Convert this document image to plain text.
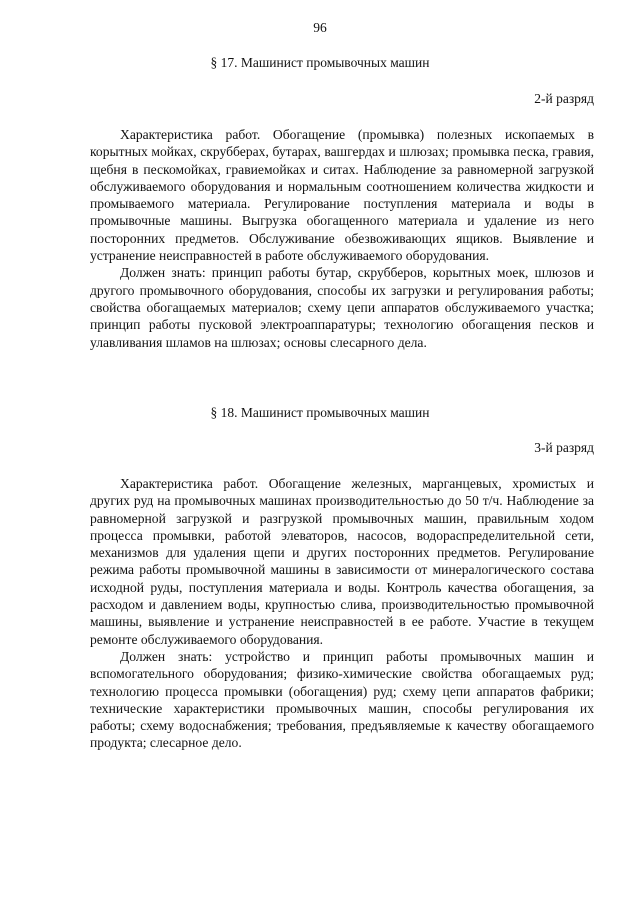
96
§ 17. Машинист промывочных машин
2-й разряд

Характеристика работ. Обогащение (промывка) полезных ископаемых в корытных мойках, скрубберах, бутарах, вашгердах и шлюзах; промывка песка, гравия, щебня в пескомойках, гравиемойках и ситах. Наблюдение за равномерной загрузкой обслуживаемого оборудования и нормальным соотношением количества жидкости и промываемого материала. Регулирование поступления материала и воды в промывочные машины. Выгрузка обогащенного материала и удаление из него посторонних предметов. Обслуживание обезвоживающих ящиков. Выявление и устранение неисправностей в работе обслуживаемого оборудования.

Должен знать: принцип работы бутар, скрубберов, корытных моек, шлюзов и другого промывочного оборудования, способы их загрузки и регулирования работы; свойства обогащаемых материалов; схему цепи аппаратов обслуживаемого участка; принцип работы пусковой электроаппаратуры; технологию обогащения песков и улавливания шламов на шлюзах; основы слесарного дела.

§ 18. Машинист промывочных машин
3-й разряд

Характеристика работ. Обогащение железных, марганцевых, хромистых и других руд на промывочных машинах производительностью до 50 т/ч. Наблюдение за равномерной загрузкой и разгрузкой промывочных машин, правильным ходом процесса промывки, работой элеваторов, насосов, водораспределительной сети, механизмов для удаления щепи и других посторонних предметов. Регулирование режима работы промывочной машины в зависимости от минералогического состава исходной руды, поступления материала и воды. Контроль качества обогащения, за расходом и давлением воды, крупностью слива, производительностью промывочной машины, выявление и устранение неисправностей в ее работе. Участие в текущем ремонте обслуживаемого оборудования.

Должен знать: устройство и принцип работы промывочных машин и вспомогательного оборудования; физико-химические свойства обогащаемых руд; технологию процесса промывки (обогащения) руд; схему цепи аппаратов фабрики; технические характеристики промывочных машин, способы регулирования их работы; схему водоснабжения; требования, предъявляемые к качеству обогащаемого продукта; слесарное дело.
